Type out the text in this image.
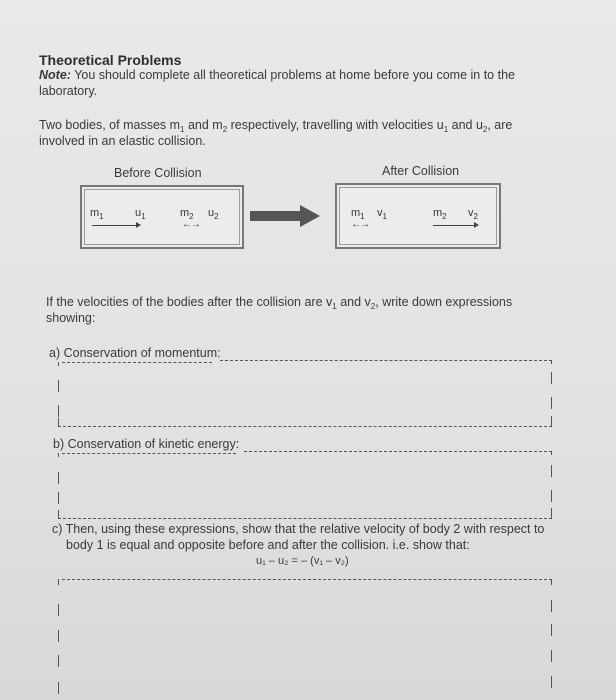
Theoretical Problems
Note: You should complete all theoretical problems at home before you come in to the laboratory.
Two bodies, of masses $m_1$ and $m_2$ respectively, travelling with velocities $u_1$ and $u_2$, are
involved in an elastic collision.
Before Collision	After Collision
$m_1$	$u_1$	$m_2$ $u_2$
←→
$m_1$ $v_1$
←→
$m_2$ $v_2$
If the velocities of the bodies after the collision are $v_1$ and $v_2$, write down expressions
showing:
a) Conservation of momentum:
b) Conservation of kinetic energy:
c) Then, using these expressions, show that the relative velocity of body 2 with respect to
body 1 is equal and opposite before and after the collision. i.e. show that:
u₁ – u₂ = – (v₁ – v₂)
